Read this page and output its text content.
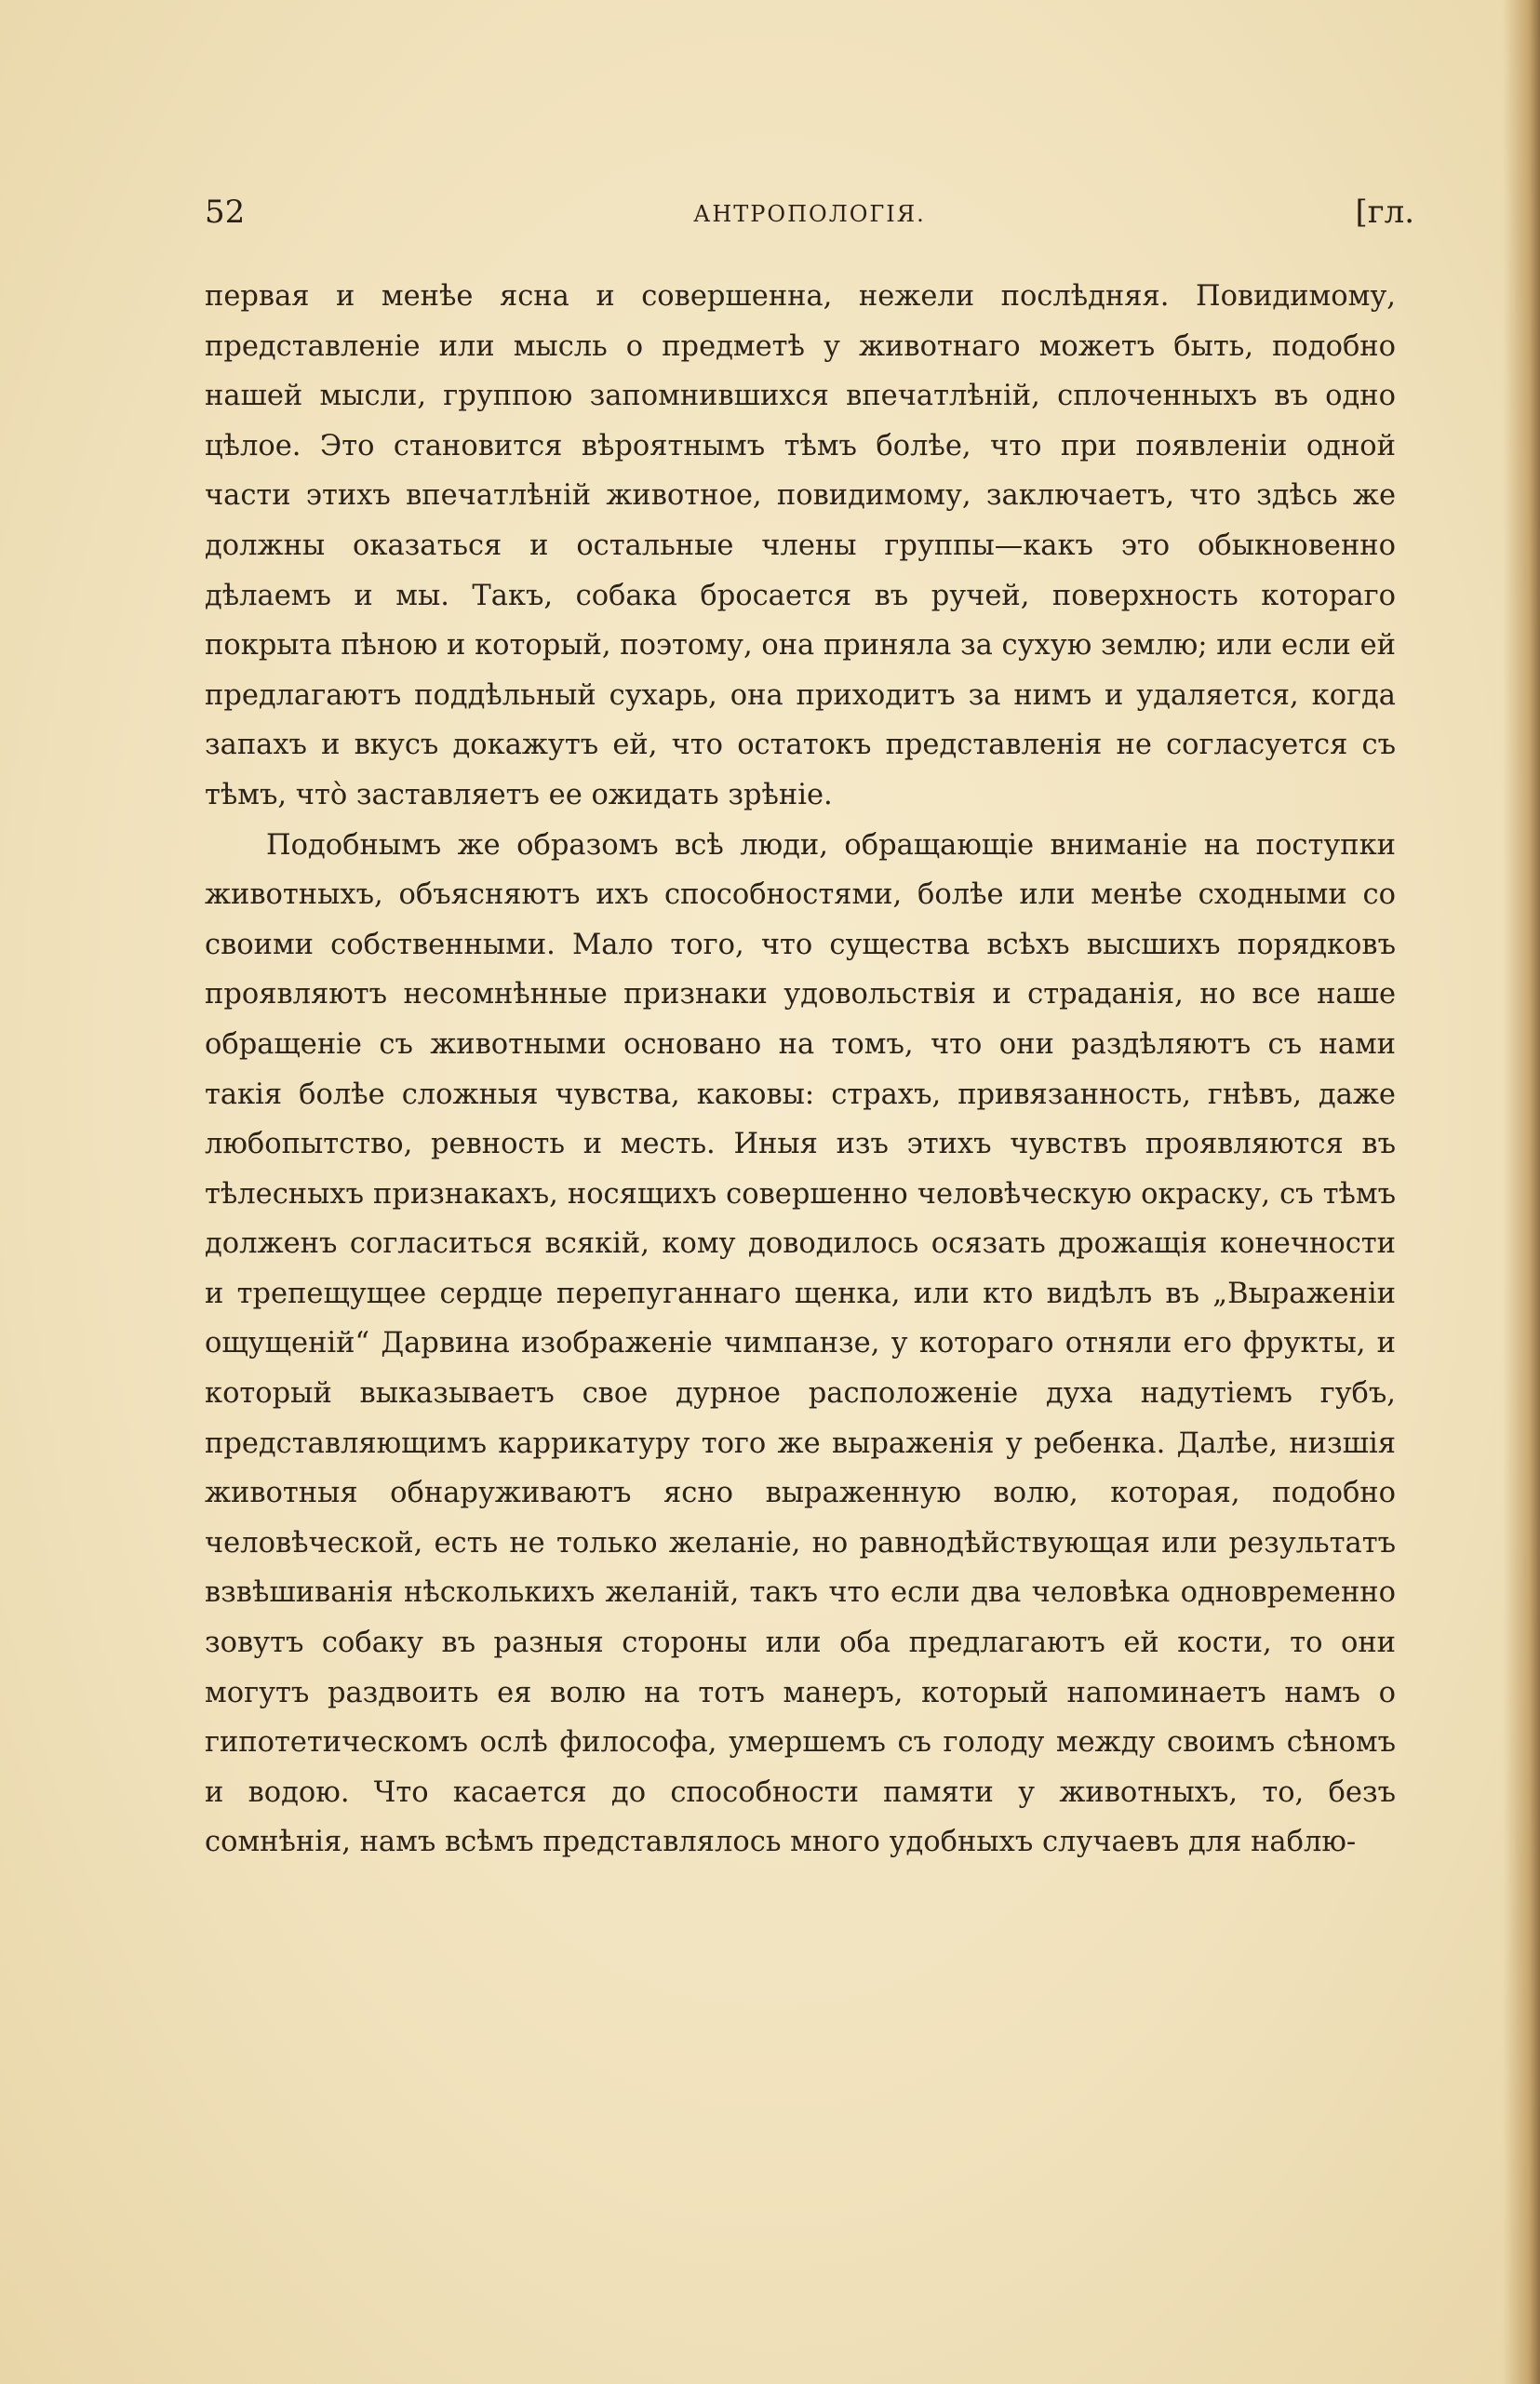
52	АНТРОПОЛОГІЯ.	[гл.

первая и менѣе ясна и совершенна, нежели послѣдняя. Повидимому, представленіе или мысль о предметѣ у животнаго можетъ быть, подобно нашей мысли, группою запомнившихся впечатлѣній, сплоченныхъ въ одно цѣлое. Это становится вѣроятнымъ тѣмъ болѣе, что при появленіи одной части этихъ впечатлѣній животное, повидимому, заключаетъ, что здѣсь же должны оказаться и остальные члены группы—какъ это обыкновенно дѣлаемъ и мы. Такъ, собака бросается въ ручей, поверхность котораго покрыта пѣною и который, поэтому, она приняла за сухую землю; или если ей предлагаютъ поддѣльный сухарь, она приходитъ за нимъ и удаляется, когда запахъ и вкусъ докажутъ ей, что остатокъ представленія не согласуется съ тѣмъ, что̀ заставляетъ ее ожидать зрѣніе.

Подобнымъ же образомъ всѣ люди, обращающіе вниманіе на поступки животныхъ, объясняютъ ихъ способностями, болѣе или менѣе сходными со своими собственными. Мало того, что существа всѣхъ высшихъ порядковъ проявляютъ несомнѣнные признаки удовольствія и страданія, но все наше обращеніе съ животными основано на томъ, что они раздѣляютъ съ нами такія болѣе сложныя чувства, каковы: страхъ, привязанность, гнѣвъ, даже любопытство, ревность и месть. Иныя изъ этихъ чувствъ проявляются въ тѣлесныхъ признакахъ, носящихъ совершенно человѣческую окраску, съ тѣмъ долженъ согласиться всякій, кому доводилось осязать дрожащія конечности и трепещущее сердце перепуганнаго щенка, или кто видѣлъ въ „Выраженіи ощущеній“ Дарвина изображеніе чимпанзе, у котораго отняли его фрукты, и который выказываетъ свое дурное расположеніе духа надутіемъ губъ, представляющимъ каррикатуру того же выраженія у ребенка. Далѣе, низшія животныя обнаруживаютъ ясно выраженную волю, которая, подобно человѣческой, есть не только желаніе, но равнодѣйствующая или результатъ взвѣшиванія нѣсколькихъ желаній, такъ что если два человѣка одновременно зовутъ собаку въ разныя стороны или оба предлагаютъ ей кости, то они могутъ раздвоить ея волю на тотъ манеръ, который напоминаетъ намъ о гипотетическомъ ослѣ философа, умершемъ съ голоду между своимъ сѣномъ и водою. Что касается до способности памяти у животныхъ, то, безъ сомнѣнія, намъ всѣмъ представлялось много удобныхъ случаевъ для наблю-
